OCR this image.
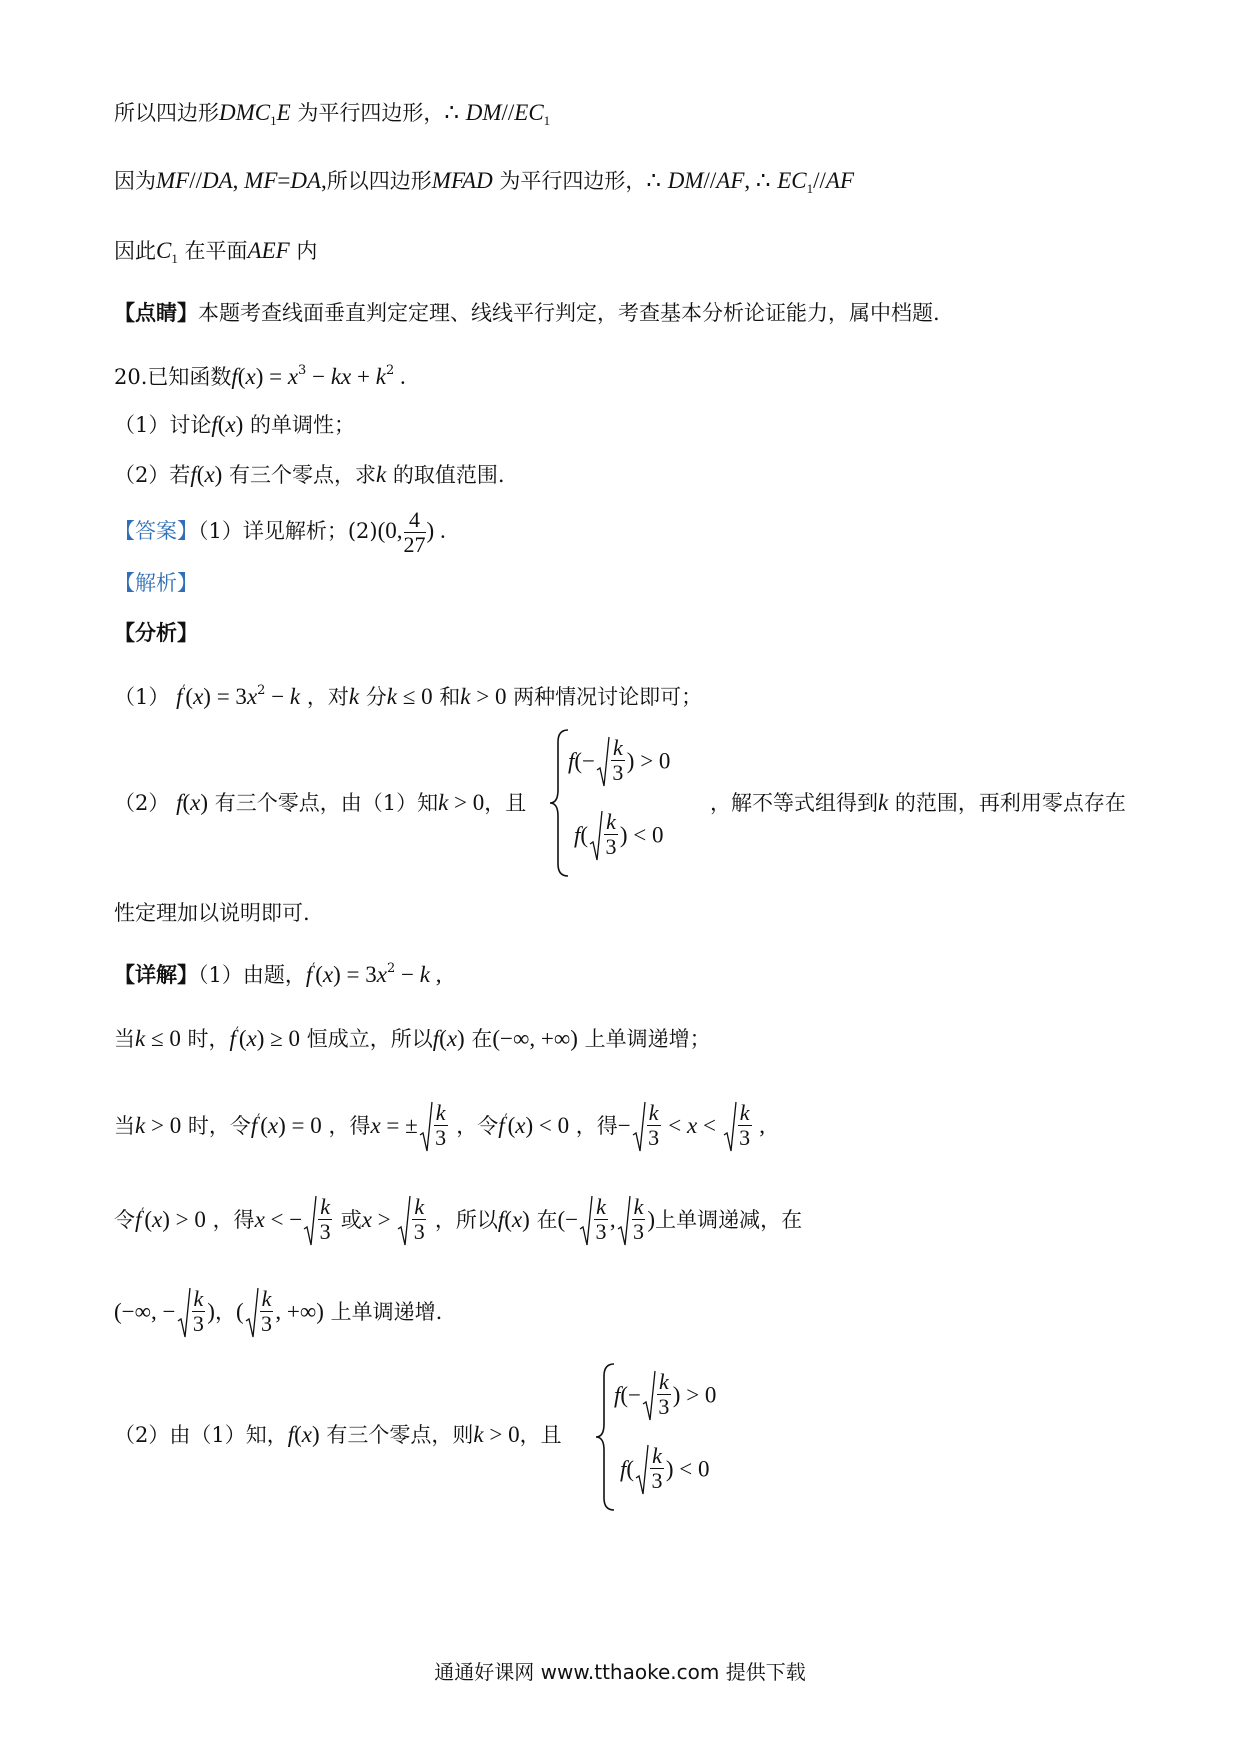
所以四边形$DMC_1E$ 为平行四边形，∴ $DM//EC_1$
因为MF//DA, MF=DA,所以四边形MFAD 为平行四边形，∴ DM//AF, ∴ $EC_1//AF$
因此$C_1$ 在平面AEF 内
【点睛】本题考查线面垂直判定定理、线线平行判定，考查基本分析论证能力，属中档题.
20.已知函数$f(x) = x^3$ − kx + $k^2$ .
（1）讨论f(x) 的单调性；
（2）若f(x) 有三个零点，求k 的取值范围.
【答案】（1）详见解析；(2)(0, $\frac{4}{27}$ ) .
【解析】
【分析】
（1） $f'(x) = 3x^2 - k$ ，对k 分k ≤ 0 和k > 0 两种情况讨论即可；
（2） f(x) 有三个零点，由（1）知k > 0，且
$f(- \frac{k}{3}$ ) > 0
$f( \frac{k}{3}$ ) < 0
，解不等式组得到k 的范围，再利用零点存在
性定理加以说明即可.
【详解】（1）由题，$f'(x) = 3x^2 - k$ ,
当k ≤ 0 时，f′(x) ≥ 0 恒成立，所以f(x) 在(−∞, +∞) 上单调递增；
当k > 0 时，令f′(x) = 0 ，得x = ± $\frac{k}{3}$ ，令f′(x) < 0 ，得− $\frac{k}{3} < x < \frac{k}{3}$ ,
令f′(x) > 0 ，得x < − $\frac{k}{3}$ 或$x > \frac{k}{3}$ ，所以f(x) 在(− $\frac{k}{3}$ , $\frac{k}{3}$ )上单调递减，在
(−∞, − $\frac{k}{3}$ )，( $\frac{k}{3}$ , +∞) 上单调递增.
（2）由（1）知，f(x) 有三个零点，则k > 0，且
$f(- \frac{k}{3}$ ) > 0
$f( \frac{k}{3}$ ) < 0
通通好课网 www.tthaoke.com 提供下载
